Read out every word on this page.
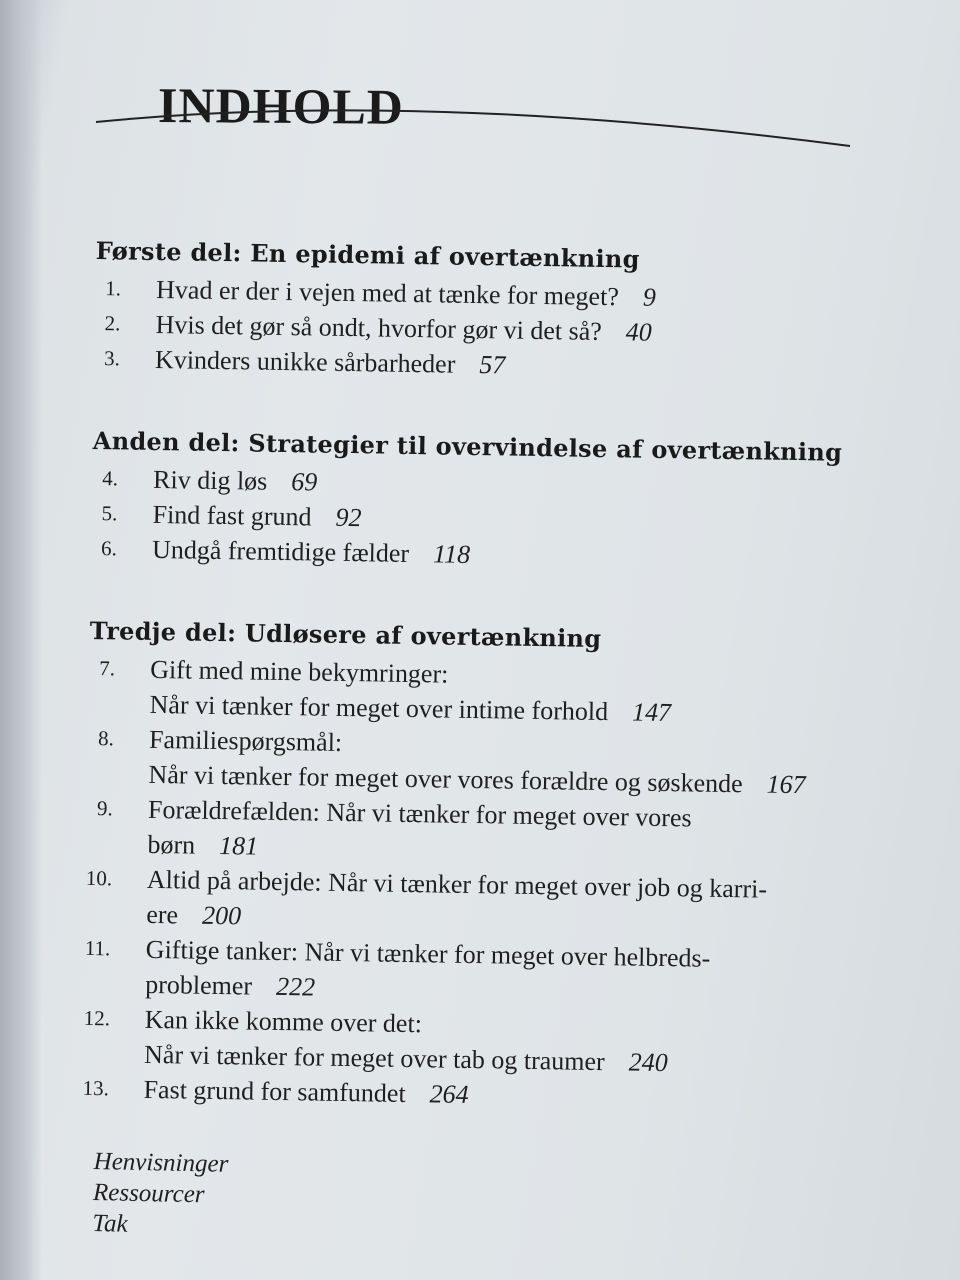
INDHOLD
Første del: En epidemi af overtænkning
1.	Hvad er der i vejen med at tænke for meget? 9
2.	Hvis det gør så ondt, hvorfor gør vi det så? 40
3.	Kvinders unikke sårbarheder 57
Anden del: Strategier til overvindelse af overtænkning
4.	Riv dig løs 69
5.	Find fast grund 92
6.	Undgå fremtidige fælder 118
Tredje del: Udløsere af overtænkning
7.	Gift med mine bekymringer:
Når vi tænker for meget over intime forhold 147
8.	Familiespørgsmål:
Når vi tænker for meget over vores forældre og søskende 167
9.	Forældrefælden: Når vi tænker for meget over vores
børn 181
10.	Altid på arbejde: Når vi tænker for meget over job og karri-
ere 200
11.	Giftige tanker: Når vi tænker for meget over helbreds-
problemer 222
12.	Kan ikke komme over det:
Når vi tænker for meget over tab og traumer 240
13.	Fast grund for samfundet 264
Henvisninger
Ressourcer
Tak
